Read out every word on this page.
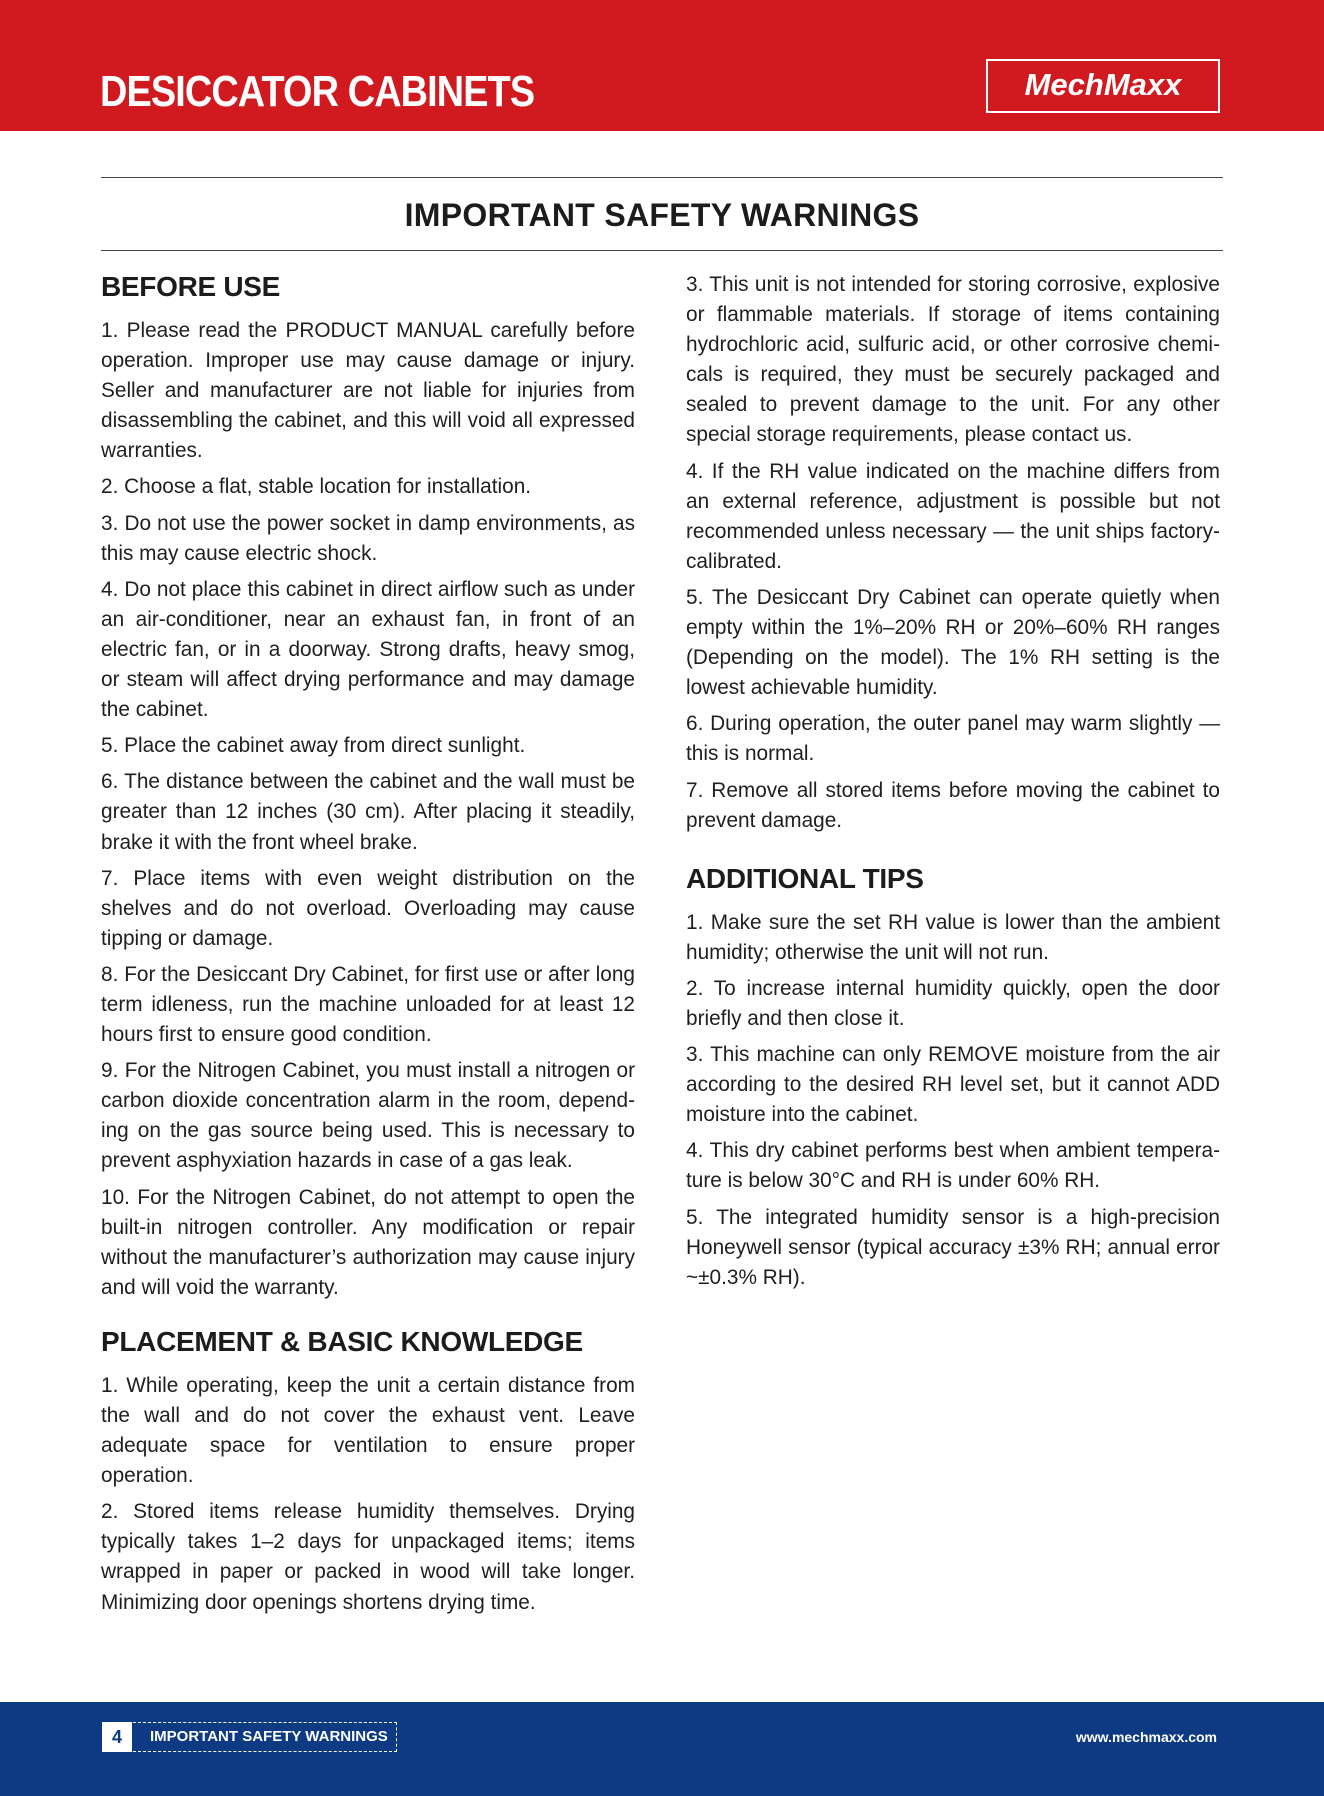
DESICCATOR CABINETS	MechMaxx
IMPORTANT SAFETY WARNINGS
BEFORE USE

1. Please read the PRODUCT MANUAL carefully before operation. Improper use may cause damage or injury. Seller and manufacturer are not liable for injuries from disassembling the cabinet, and this will void all expressed warranties.

2. Choose a flat, stable location for installation.

3. Do not use the power socket in damp environments, as this may cause electric shock.

4. Do not place this cabinet in direct airflow such as under an air-conditioner, near an exhaust fan, in front of an electric fan, or in a doorway. Strong drafts, heavy smog, or steam will affect drying performance and may damage the cabinet.

5. Place the cabinet away from direct sunlight.

6. The distance between the cabinet and the wall must be greater than 12 inches (30 cm). After placing it steadily, brake it with the front wheel brake.

7. Place items with even weight distribution on the shelves and do not overload. Overloading may cause tipping or damage.

8. For the Desiccant Dry Cabinet, for first use or after long term idleness, run the machine unloaded for at least 12 hours first to ensure good condition.

9. For the Nitrogen Cabinet, you must install a nitrogen or carbon dioxide concentration alarm in the room, depending on the gas source being used. This is necessary to prevent asphyxiation hazards in case of a gas leak.

10. For the Nitrogen Cabinet, do not attempt to open the built-in nitrogen controller. Any modification or repair without the manufacturer’s authorization may cause injury and will void the warranty.

PLACEMENT & BASIC KNOWLEDGE

1. While operating, keep the unit a certain distance from the wall and do not cover the exhaust vent. Leave adequate space for ventilation to ensure proper operation.

2. Stored items release humidity themselves. Drying typically takes 1–2 days for unpackaged items; items wrapped in paper or packed in wood will take longer. Minimizing door openings shortens drying time.

3. This unit is not intended for storing corrosive, explosive or flammable materials. If storage of items containing hydrochloric acid, sulfuric acid, or other corrosive chemicals is required, they must be securely packaged and sealed to prevent damage to the unit. For any other special storage requirements, please contact us.

4. If the RH value indicated on the machine differs from an external reference, adjustment is possible but not recommended unless necessary — the unit ships factory-calibrated.

5. The Desiccant Dry Cabinet can operate quietly when empty within the 1%–20% RH or 20%–60% RH ranges (Depending on the model). The 1% RH setting is the lowest achievable humidity.

6. During operation, the outer panel may warm slightly — this is normal.

7. Remove all stored items before moving the cabinet to prevent damage.

ADDITIONAL TIPS

1. Make sure the set RH value is lower than the ambient humidity; otherwise the unit will not run.

2. To increase internal humidity quickly, open the door briefly and then close it.

3. This machine can only REMOVE moisture from the air according to the desired RH level set, but it cannot ADD moisture into the cabinet.

4. This dry cabinet performs best when ambient temperature is below 30°C and RH is under 60% RH.

5. The integrated humidity sensor is a high-precision Honeywell sensor (typical accuracy ±3% RH; annual error ~±0.3% RH).

4	IMPORTANT SAFETY WARNINGS	www.mechmaxx.com
